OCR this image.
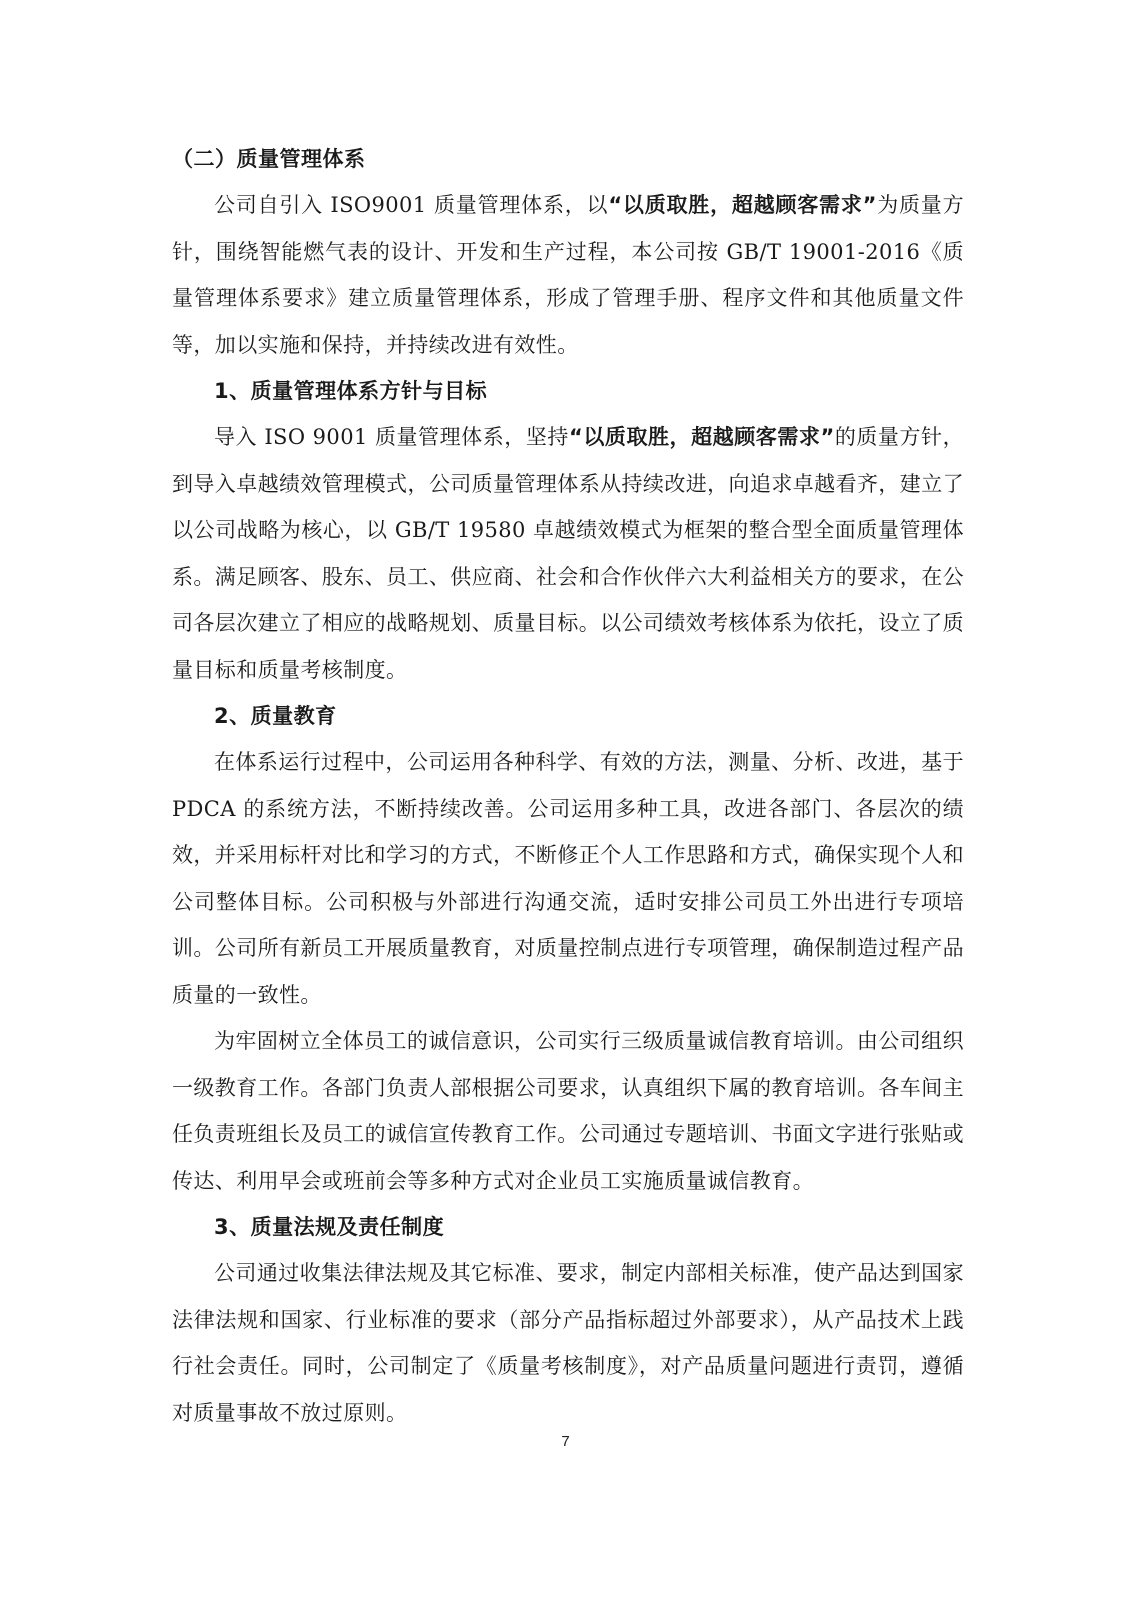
（二）质量管理体系

公司自引入 ISO9001 质量管理体系，以“以质取胜，超越顾客需求”为质量方针，围绕智能燃气表的设计、开发和生产过程，本公司按 GB/T 19001-2016《质量管理体系要求》建立质量管理体系，形成了管理手册、程序文件和其他质量文件等，加以实施和保持，并持续改进有效性。

1、质量管理体系方针与目标

导入 ISO 9001 质量管理体系，坚持“以质取胜，超越顾客需求”的质量方针，到导入卓越绩效管理模式，公司质量管理体系从持续改进，向追求卓越看齐，建立了以公司战略为核心，以 GB/T 19580 卓越绩效模式为框架的整合型全面质量管理体系。满足顾客、股东、员工、供应商、社会和合作伙伴六大利益相关方的要求，在公司各层次建立了相应的战略规划、质量目标。以公司绩效考核体系为依托，设立了质量目标和质量考核制度。

2、质量教育

在体系运行过程中，公司运用各种科学、有效的方法，测量、分析、改进，基于 PDCA 的系统方法，不断持续改善。公司运用多种工具，改进各部门、各层次的绩效，并采用标杆对比和学习的方式，不断修正个人工作思路和方式，确保实现个人和公司整体目标。公司积极与外部进行沟通交流，适时安排公司员工外出进行专项培训。公司所有新员工开展质量教育，对质量控制点进行专项管理，确保制造过程产品质量的一致性。

为牢固树立全体员工的诚信意识，公司实行三级质量诚信教育培训。由公司组织一级教育工作。各部门负责人部根据公司要求，认真组织下属的教育培训。各车间主任负责班组长及员工的诚信宣传教育工作。公司通过专题培训、书面文字进行张贴或传达、利用早会或班前会等多种方式对企业员工实施质量诚信教育。

3、质量法规及责任制度

公司通过收集法律法规及其它标准、要求，制定内部相关标准，使产品达到国家法律法规和国家、行业标准的要求（部分产品指标超过外部要求），从产品技术上践行社会责任。同时，公司制定了《质量考核制度》，对产品质量问题进行责罚，遵循对质量事故不放过原则。

7
